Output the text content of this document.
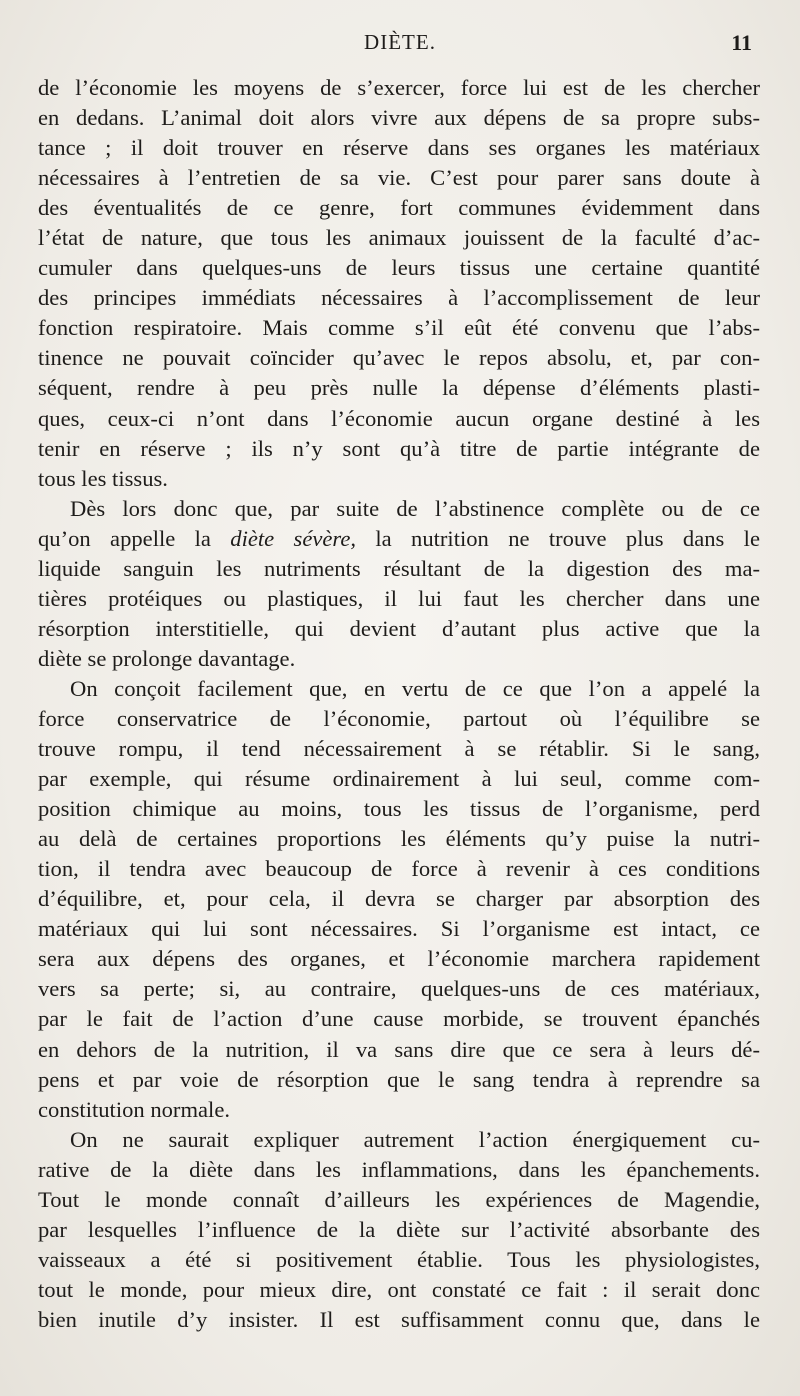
DIÈTE.	11
de l’économie les moyens de s’exercer, force lui est de les chercher
en dedans. L’animal doit alors vivre aux dépens de sa propre subs-
tance ; il doit trouver en réserve dans ses organes les matériaux
nécessaires à l’entretien de sa vie. C’est pour parer sans doute à
des éventualités de ce genre, fort communes évidemment dans
l’état de nature, que tous les animaux jouissent de la faculté d’ac-
cumuler dans quelques-uns de leurs tissus une certaine quantité
des principes immédiats nécessaires à l’accomplissement de leur
fonction respiratoire. Mais comme s’il eût été convenu que l’abs-
tinence ne pouvait coïncider qu’avec le repos absolu, et, par con-
séquent, rendre à peu près nulle la dépense d’éléments plasti-
ques, ceux-ci n’ont dans l’économie aucun organe destiné à les
tenir en réserve ; ils n’y sont qu’à titre de partie intégrante de
tous les tissus.
Dès lors donc que, par suite de l’abstinence complète ou de ce
qu’on appelle la diète sévère, la nutrition ne trouve plus dans le
liquide sanguin les nutriments résultant de la digestion des ma-
tières protéiques ou plastiques, il lui faut les chercher dans une
résorption interstitielle, qui devient d’autant plus active que la
diète se prolonge davantage.
On conçoit facilement que, en vertu de ce que l’on a appelé la
force conservatrice de l’économie, partout où l’équilibre se
trouve rompu, il tend nécessairement à se rétablir. Si le sang,
par exemple, qui résume ordinairement à lui seul, comme com-
position chimique au moins, tous les tissus de l’organisme, perd
au delà de certaines proportions les éléments qu’y puise la nutri-
tion, il tendra avec beaucoup de force à revenir à ces conditions
d’équilibre, et, pour cela, il devra se charger par absorption des
matériaux qui lui sont nécessaires. Si l’organisme est intact, ce
sera aux dépens des organes, et l’économie marchera rapidement
vers sa perte; si, au contraire, quelques-uns de ces matériaux,
par le fait de l’action d’une cause morbide, se trouvent épanchés
en dehors de la nutrition, il va sans dire que ce sera à leurs dé-
pens et par voie de résorption que le sang tendra à reprendre sa
constitution normale.
On ne saurait expliquer autrement l’action énergiquement cu-
rative de la diète dans les inflammations, dans les épanchements.
Tout le monde connaît d’ailleurs les expériences de Magendie,
par lesquelles l’influence de la diète sur l’activité absorbante des
vaisseaux a été si positivement établie. Tous les physiologistes,
tout le monde, pour mieux dire, ont constaté ce fait : il serait donc
bien inutile d’y insister. Il est suffisamment connu que, dans le
